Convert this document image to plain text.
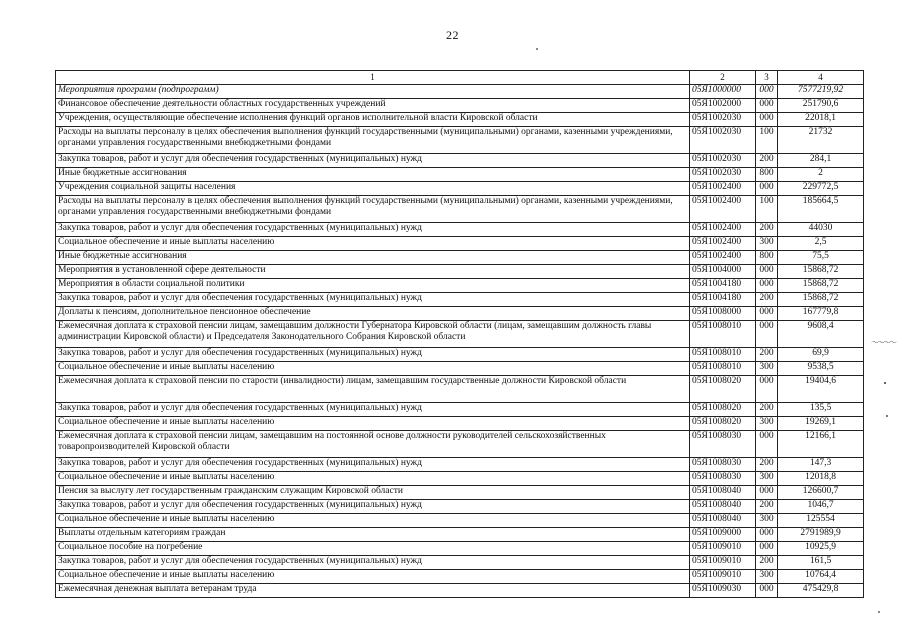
22
1	2	3	4
Мероприятия программ (подпрограмм)	05Я1000000	000	7577219,92
Финансовое обеспечение деятельности областных государственных учреждений	05Я1002000	000	251790,6
Учреждения, осуществляющие обеспечение исполнения функций органов исполнительной власти Кировской области	05Я1002030	000	22018,1
Расходы на выплаты персоналу в целях обеспечения выполнения функций государственными (муниципальными) органами, казенными учреждениями, органами управления государственными внебюджетными фондами	05Я1002030	100	21732
Закупка товаров, работ и услуг для обеспечения государственных (муниципальных) нужд	05Я1002030	200	284,1
Иные бюджетные ассигнования	05Я1002030	800	2
Учреждения социальной защиты населения	05Я1002400	000	229772,5
Расходы на выплаты персоналу в целях обеспечения выполнения функций государственными (муниципальными) органами, казенными учреждениями, органами управления государственными внебюджетными фондами	05Я1002400	100	185664,5
Закупка товаров, работ и услуг для обеспечения государственных (муниципальных) нужд	05Я1002400	200	44030
Социальное обеспечение и иные выплаты населению	05Я1002400	300	2,5
Иные бюджетные ассигнования	05Я1002400	800	75,5
Мероприятия в установленной сфере деятельности	05Я1004000	000	15868,72
Мероприятия в области социальной политики	05Я1004180	000	15868,72
Закупка товаров, работ и услуг для обеспечения государственных (муниципальных) нужд	05Я1004180	200	15868,72
Доплаты к пенсиям, дополнительное пенсионное обеспечение	05Я1008000	000	167779,8
Ежемесячная доплата к страховой пенсии лицам, замещавшим должности Губернатора Кировской области (лицам, замещавшим должность главы администрации Кировской области) и Председателя Законодательного Собрания Кировской области	05Я1008010	000	9608,4
Закупка товаров, работ и услуг для обеспечения государственных (муниципальных) нужд	05Я1008010	200	69,9
Социальное обеспечение и иные выплаты населению	05Я1008010	300	9538,5
Ежемесячная доплата к страховой пенсии по старости (инвалидности) лицам, замещавшим государственные должности Кировской области	05Я1008020	000	19404,6
Закупка товаров, работ и услуг для обеспечения государственных (муниципальных) нужд	05Я1008020	200	135,5
Социальное обеспечение и иные выплаты населению	05Я1008020	300	19269,1
Ежемесячная доплата к страховой пенсии лицам, замещавшим на постоянной основе должности руководителей сельскохозяйственных товаропроизводителей Кировской области	05Я1008030	000	12166,1
Закупка товаров, работ и услуг для обеспечения государственных (муниципальных) нужд	05Я1008030	200	147,3
Социальное обеспечение и иные выплаты населению	05Я1008030	300	12018,8
Пенсия за выслугу лет государственным гражданским служащим Кировской области	05Я1008040	000	126600,7
Закупка товаров, работ и услуг для обеспечения государственных (муниципальных) нужд	05Я1008040	200	1046,7
Социальное обеспечение и иные выплаты населению	05Я1008040	300	125554
Выплаты отдельным категориям граждан	05Я1009000	000	2791989,9
Социальное пособие на погребение	05Я1009010	000	10925,9
Закупка товаров, работ и услуг для обеспечения государственных (муниципальных) нужд	05Я1009010	200	161,5
Социальное обеспечение и иные выплаты населению	05Я1009010	300	10764,4
Ежемесячная денежная выплата ветеранам труда	05Я1009030	000	475429,8
～～～～
